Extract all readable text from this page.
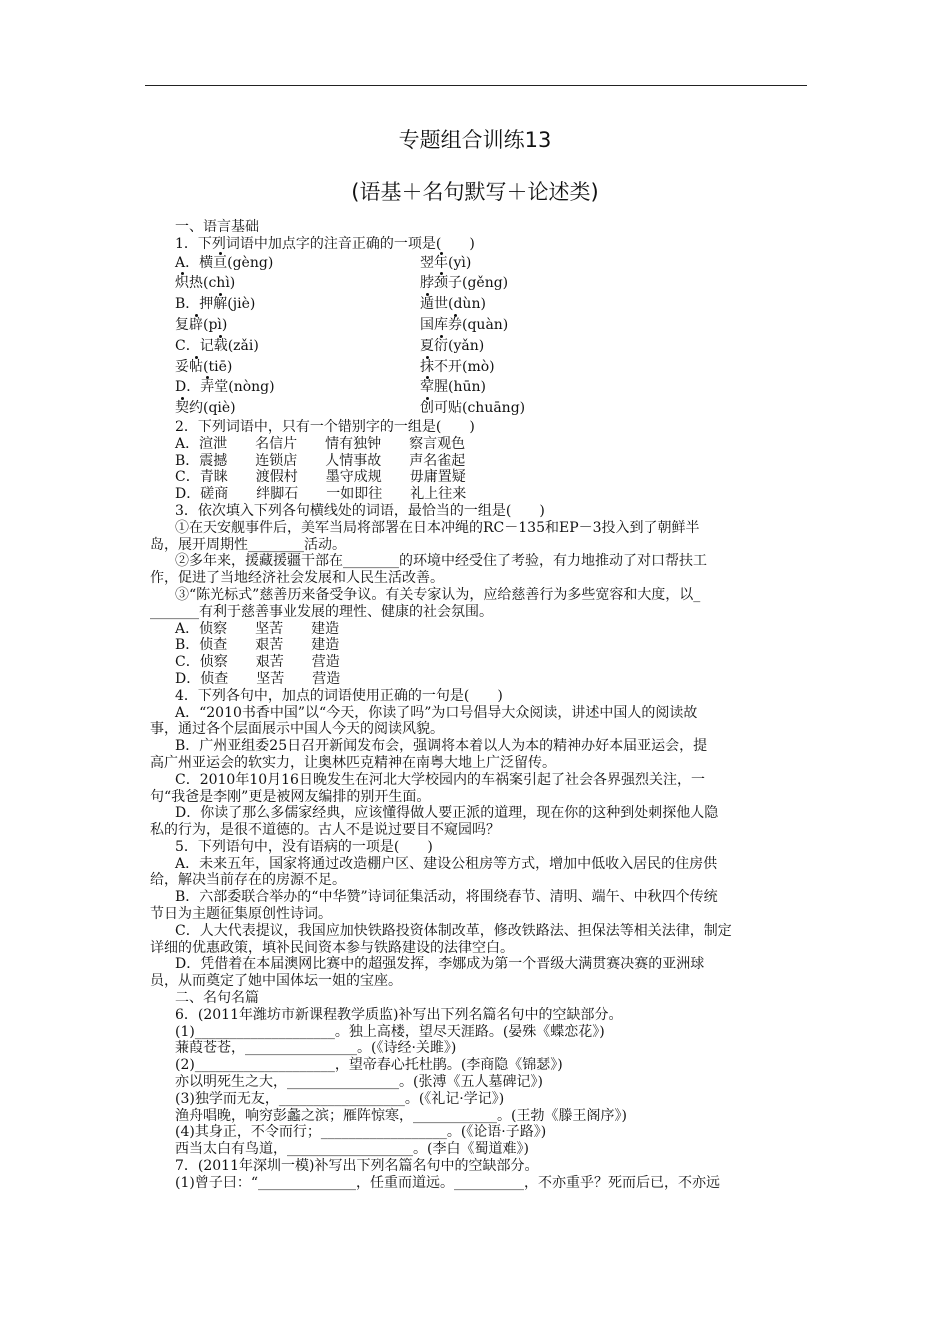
专题组合训练13
(语基＋名句默写＋论述类)
一、语言基础
1．下列词语中加点字的注音正确的一项是(　　)
A．横亘(gèng)	翌年(yì)
炽热(chì)	脖颈子(gěng)
B．押解(jiè)	遁世(dùn)
复辟(pì)	国库券(quàn)
C．记载(zǎi)	夏衍(yǎn)
妥帖(tiē)	抹不开(mò)
D．弄堂(nòng)	荤腥(hūn)
契约(qiè)	创可贴(chuāng)
2．下列词语中，只有一个错别字的一组是(　　)
A．渲泄　　名信片　　情有独钟　　察言观色
B．震撼　　连锁店　　人情事故　　声名雀起
C．青睐　　渡假村　　墨守成规　　毋庸置疑
D．磋商　　绊脚石　　一如即往　　礼上往来
3．依次填入下列各句横线处的词语，最恰当的一组是(　　)
①在天安舰事件后，美军当局将部署在日本冲绳的RC－135和EP－3投入到了朝鲜半
岛，展开周期性________活动。
②多年来，援藏援疆干部在________的环境中经受住了考验，有力地推动了对口帮扶工
作，促进了当地经济社会发展和人民生活改善。
③“陈光标式”慈善历来备受争议。有关专家认为，应给慈善行为多些宽容和大度，以_
_______有利于慈善事业发展的理性、健康的社会氛围。
A．侦察　　坚苦　　建造
B．侦查　　艰苦　　建造
C．侦察　　艰苦　　营造
D．侦查　　坚苦　　营造
4．下列各句中，加点的词语使用正确的一句是(　　)
A．“2010书香中国”以“今天，你读了吗”为口号倡导大众阅读，讲述中国人的阅读故
事，通过各个层面展示中国人今天的阅读风貌。
B．广州亚组委25日召开新闻发布会，强调将本着以人为本的精神办好本届亚运会，提
高广州亚运会的软实力，让奥林匹克精神在南粤大地上广泛留传。
C．2010年10月16日晚发生在河北大学校园内的车祸案引起了社会各界强烈关注，一
句“我爸是李刚”更是被网友编排的别开生面。
D．你读了那么多儒家经典，应该懂得做人要正派的道理，现在你的这种到处刺探他人隐
私的行为，是很不道德的。古人不是说过要目不窥园吗？
5．下列语句中，没有语病的一项是(　　)
A．未来五年，国家将通过改造棚户区、建设公租房等方式，增加中低收入居民的住房供
给，解决当前存在的房源不足。
B．六部委联合举办的“中华赞”诗词征集活动，将围绕春节、清明、端午、中秋四个传统
节日为主题征集原创性诗词。
C．人大代表提议，我国应加快铁路投资体制改革，修改铁路法、担保法等相关法律，制定
详细的优惠政策，填补民间资本参与铁路建设的法律空白。
D．凭借着在本届澳网比赛中的超强发挥，李娜成为第一个晋级大满贯赛决赛的亚洲球
员，从而奠定了她中国体坛一姐的宝座。
二、名句名篇
6．(2011年潍坊市新课程教学质监)补写出下列名篇名句中的空缺部分。
(1)____________________。独上高楼，望尽天涯路。(晏殊《蝶恋花》)
蒹葭苍苍，________________。(《诗经·关雎》)
(2)____________________，望帝春心托杜鹃。(李商隐《锦瑟》)
亦以明死生之大，________________。(张溥《五人墓碑记》)
(3)独学而无友，__________________。(《礼记·学记》)
渔舟唱晚，响穷彭蠡之滨；雁阵惊寒，____________。(王勃《滕王阁序》)
(4)其身正，不令而行；__________________。(《论语·子路》)
西当太白有鸟道，__________________。(李白《蜀道难》)
7．(2011年深圳一模)补写出下列名篇名句中的空缺部分。
(1)曾子曰：“______________，任重而道远。__________，不亦重乎？死而后已，不亦远
